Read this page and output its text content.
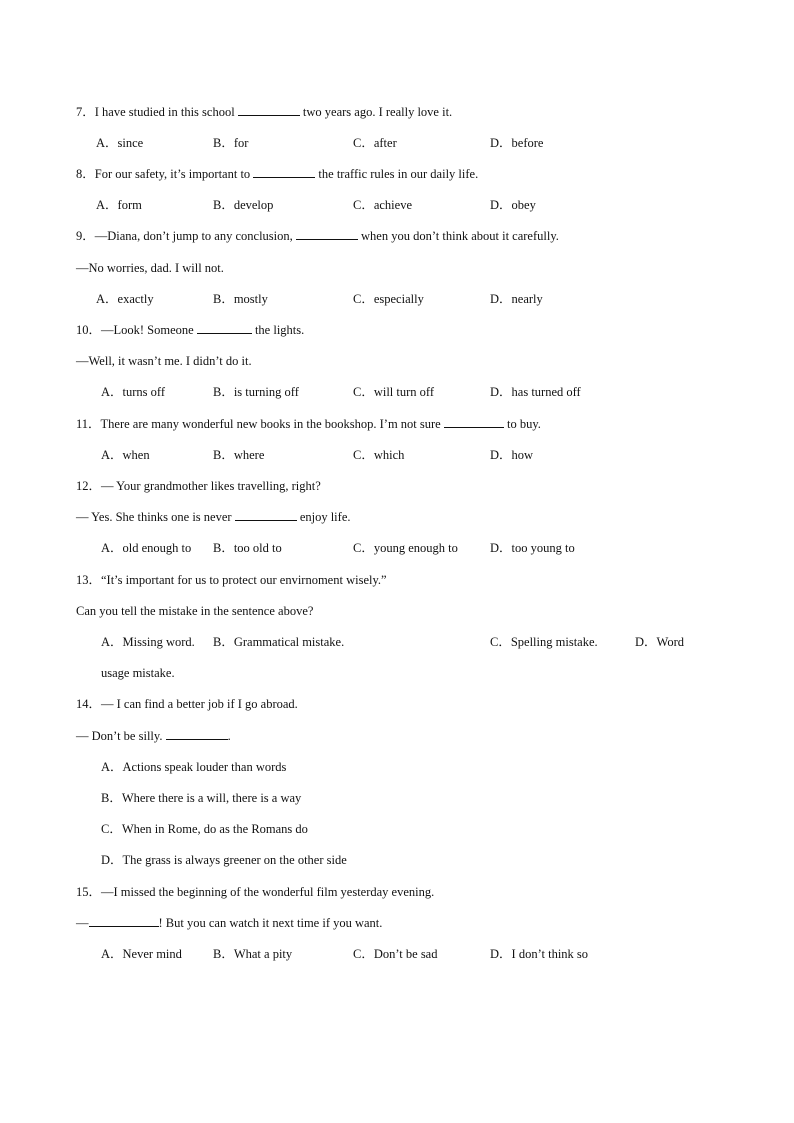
7．I have studied in this school	two years ago. I really love it.
A．since	B．for	C．after	D．before
8．For our safety, it’s important to	the traffic rules in our daily life.
A．form	B．develop	C．achieve	D．obey
9．—Diana, don’t jump to any conclusion,	when you don’t think about it carefully.
—No worries, dad. I will not.
A．exactly	B．mostly	C．especially	D．nearly
10．—Look! Someone	the lights.
—Well, it wasn’t me. I didn’t do it.
A．turns off	B．is turning off	C．will turn off	D．has turned off
11．There are many wonderful new books in the bookshop. I’m not sure	to buy.
A．when	B．where	C．which	D．how
12．— Your grandmother likes travelling, right?
— Yes. She thinks one is never	enjoy life.
A．old enough to B．too old to	C．young enough to	D．too young to
13．“It’s important for us to protect our envirnoment wisely.”
Can you tell the mistake in the sentence above?
A．Missing word. B．Grammatical mistake.	C．Spelling mistake.	D．Word
usage mistake.
14．— I can find a better job if I go abroad.
— Don’t be silly.	.
A．Actions speak louder than words
B．Where there is a will, there is a way
C．When in Rome, do as the Romans do
D．The grass is always greener on the other side
15．—I missed the beginning of the wonderful film yesterday evening.
—	! But you can watch it next time if you want.
A．Never mind B．What a pity	C．Don’t be sad	D．I don’t think so
